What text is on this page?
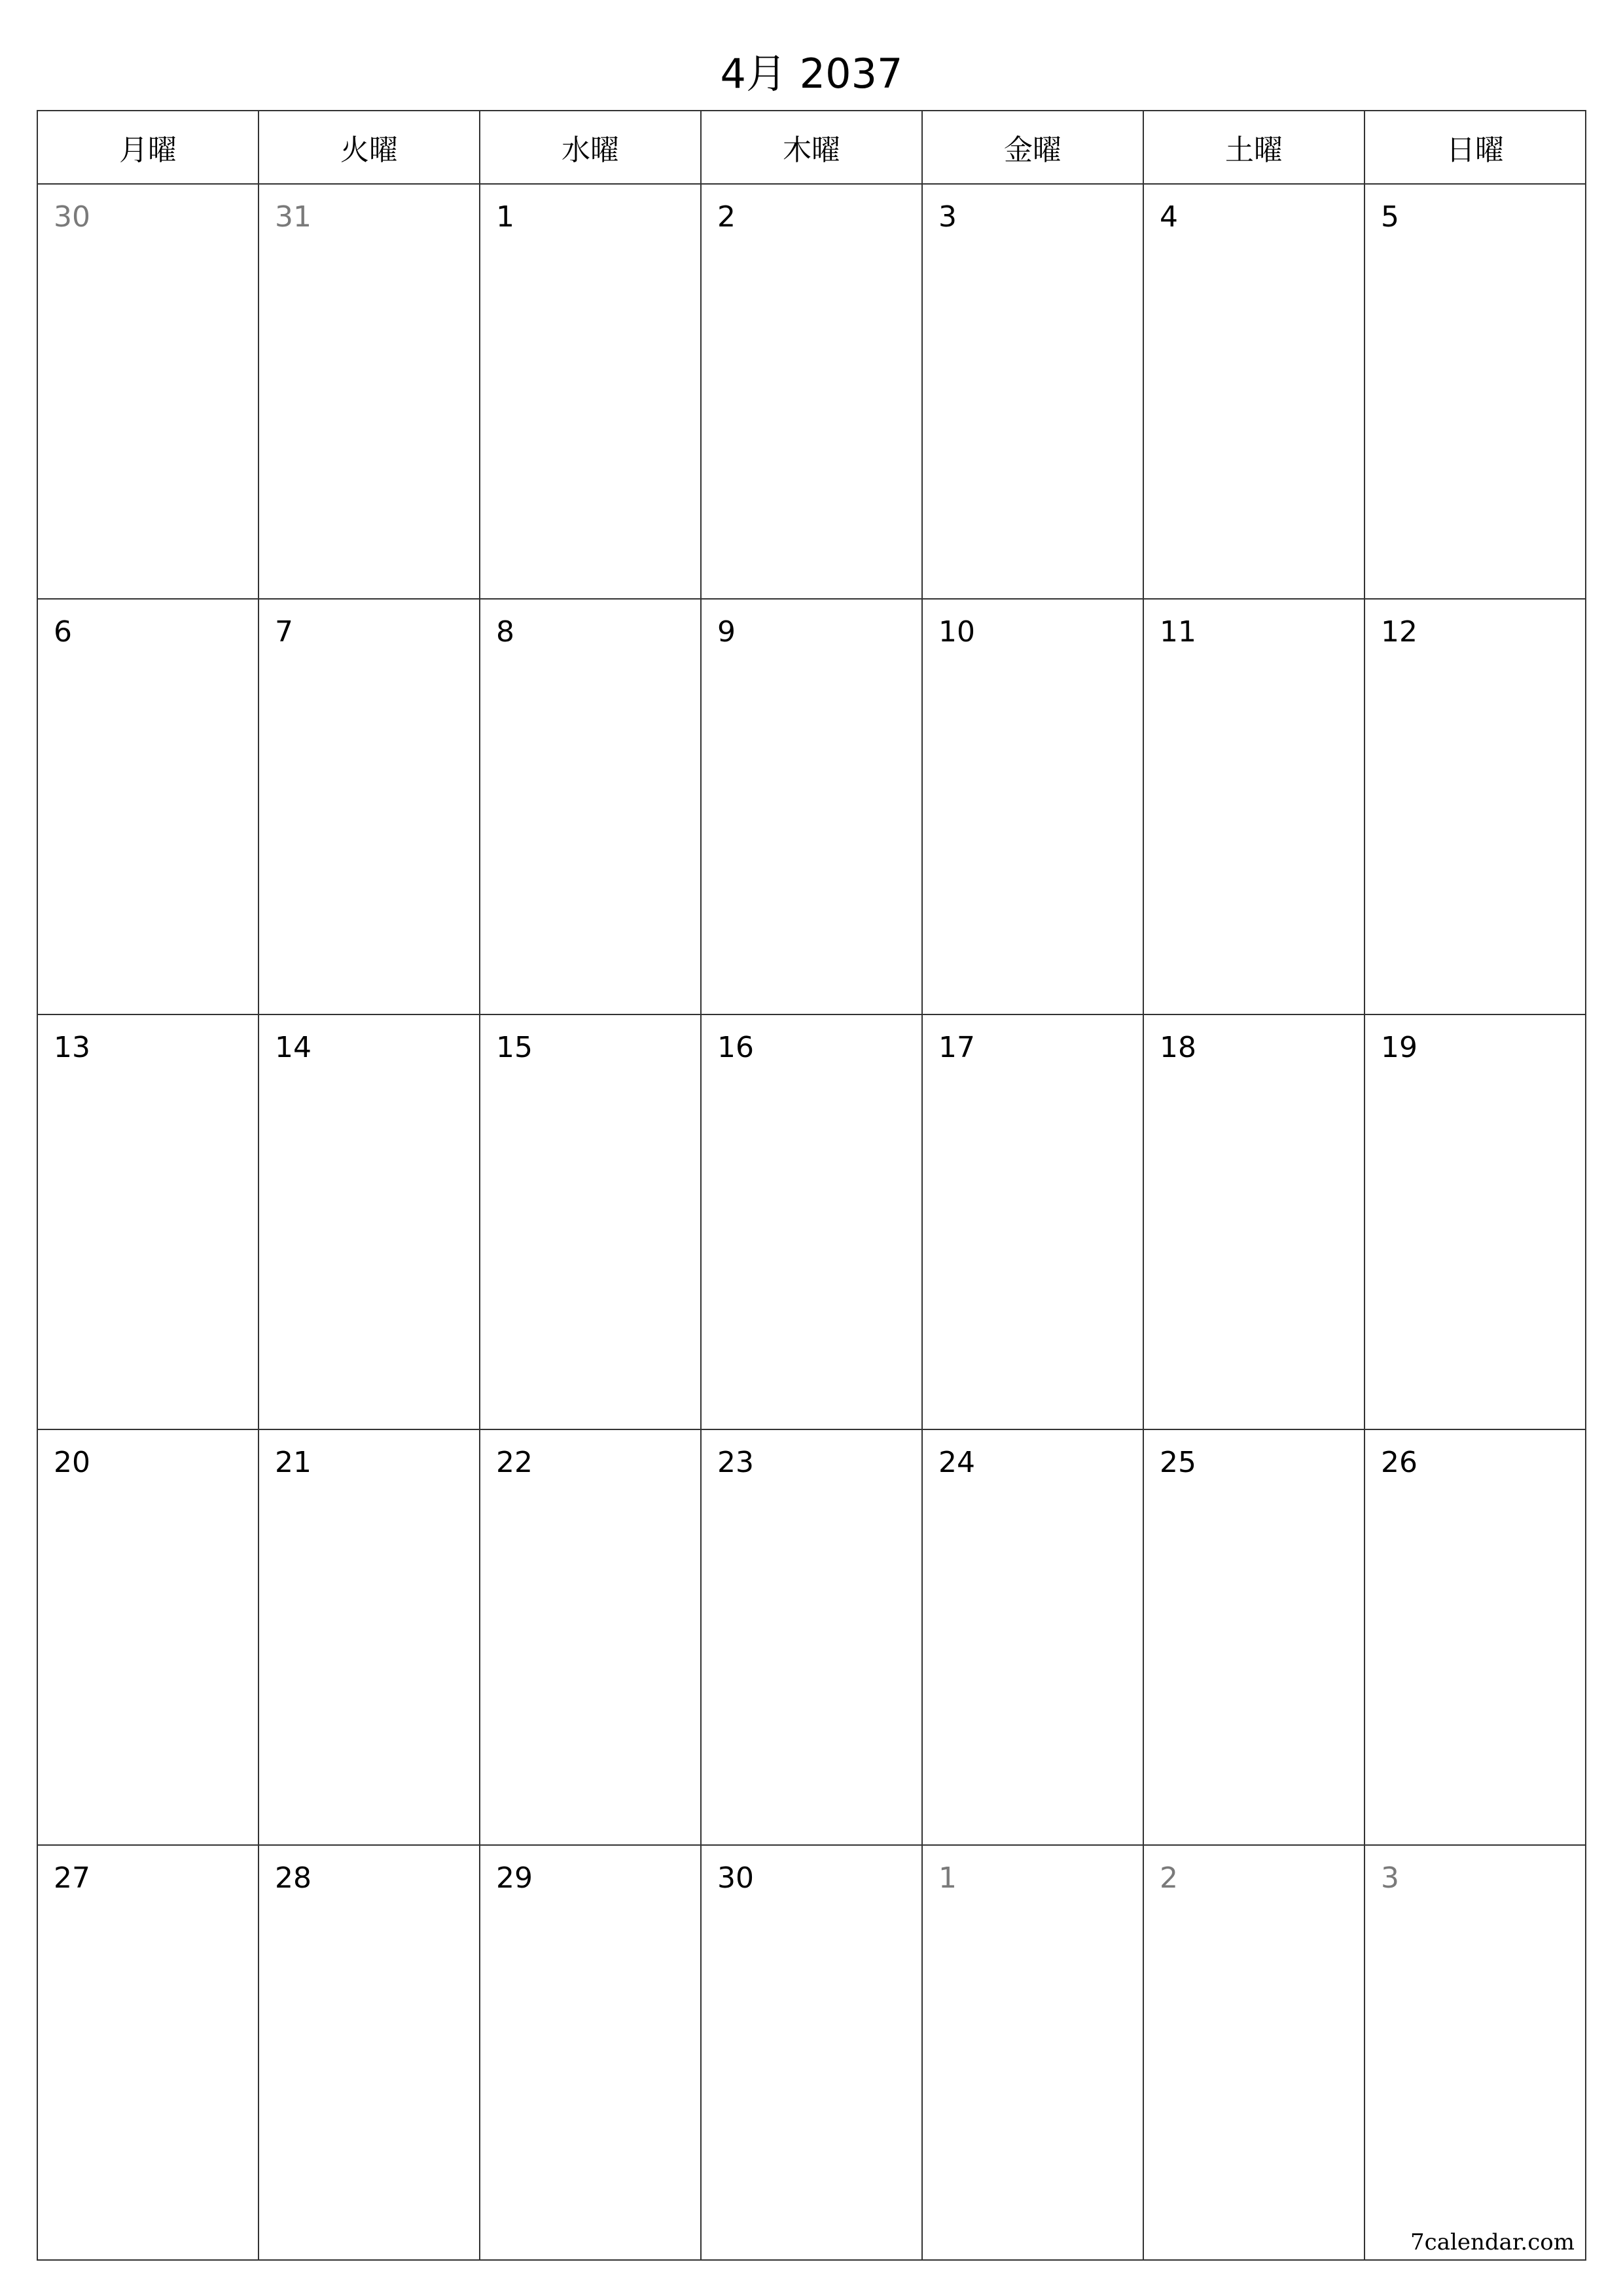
4月 2037
月曜	火曜	水曜	木曜	金曜	土曜	日曜

30	31	1	2	3	4	5

6	7	8	9	10	11	12

13	14	15	16	17	18	19

20	21	22	23	24	25	26

27	28	29	30	1	2	3
7calendar.com
